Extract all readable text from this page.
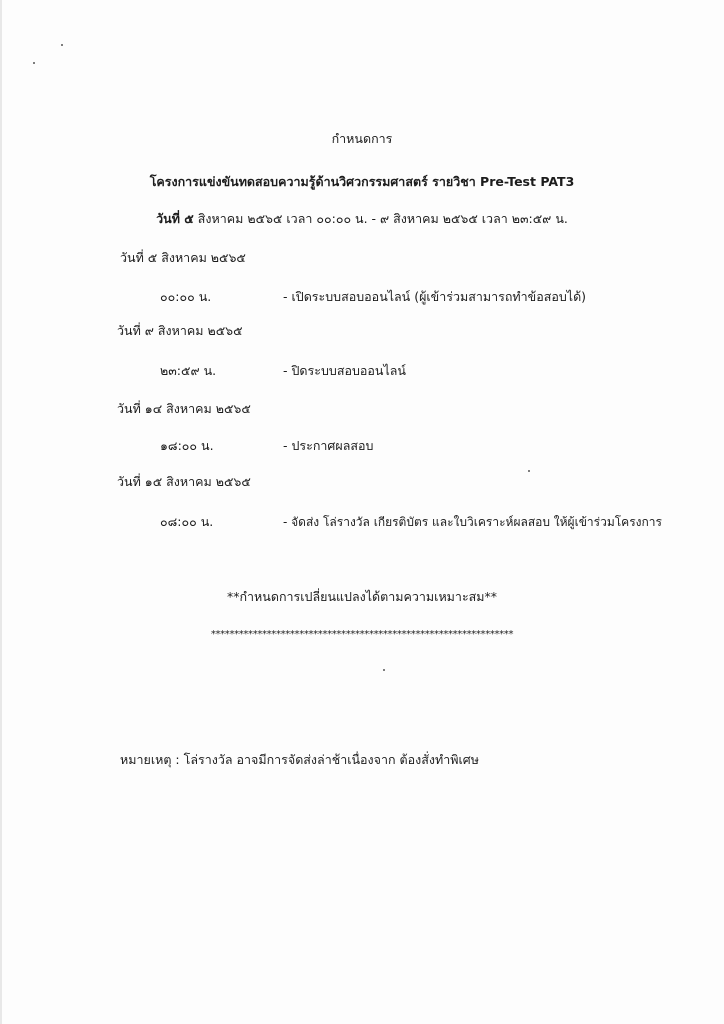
กำหนดการ
โครงการแข่งขันทดสอบความรู้ด้านวิศวกรรมศาสตร์ รายวิชา Pre-Test PAT3
วันที่ ๕ สิงหาคม ๒๕๖๕ เวลา ๐๐:๐๐ น. - ๙ สิงหาคม ๒๕๖๕ เวลา ๒๓:๕๙ น.
วันที่ ๕ สิงหาคม ๒๕๖๕
๐๐:๐๐ น.	- เปิดระบบสอบออนไลน์ (ผู้เข้าร่วมสามารถทำข้อสอบได้)
วันที่ ๙ สิงหาคม ๒๕๖๕
๒๓:๕๙ น.	- ปิดระบบสอบออนไลน์
วันที่ ๑๔ สิงหาคม ๒๕๖๕
๑๘:๐๐ น.	- ประกาศผลสอบ
วันที่ ๑๕ สิงหาคม ๒๕๖๕
๐๘:๐๐ น.	- จัดส่ง โล่รางวัล เกียรติบัตร และใบวิเคราะห์ผลสอบ ให้ผู้เข้าร่วมโครงการ
**กำหนดการเปลี่ยนแปลงได้ตามความเหมาะสม**
*****************************************************************
หมายเหตุ : โล่รางวัล อาจมีการจัดส่งล่าช้าเนื่องจาก ต้องสั่งทำพิเศษ
